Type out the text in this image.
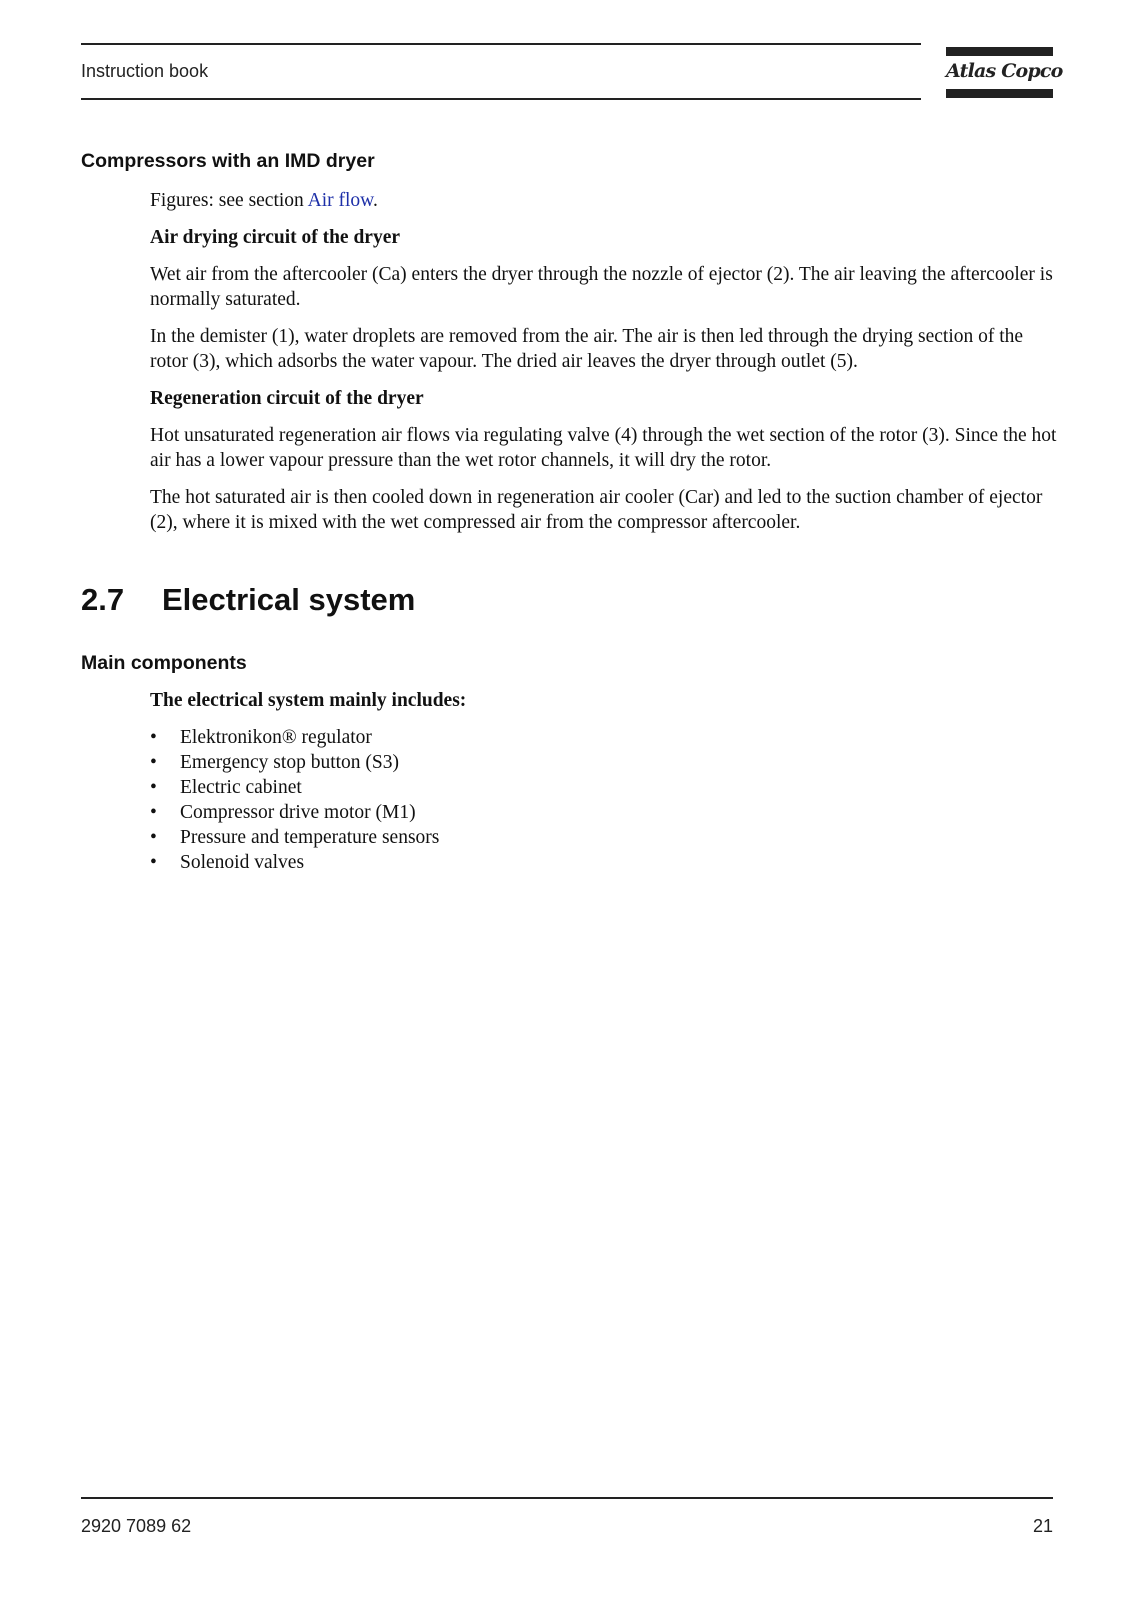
Instruction book	Atlas Copco
Compressors with an IMD dryer

Figures: see section Air flow.

Air drying circuit of the dryer
Wet air from the aftercooler (Ca) enters the dryer through the nozzle of ejector (2). The air leaving the aftercooler is normally saturated.
In the demister (1), water droplets are removed from the air. The air is then led through the drying section of the rotor (3), which adsorbs the water vapour. The dried air leaves the dryer through outlet (5).
Regeneration circuit of the dryer
Hot unsaturated regeneration air flows via regulating valve (4) through the wet section of the rotor (3). Since the hot air has a lower vapour pressure than the wet rotor channels, it will dry the rotor.
The hot saturated air is then cooled down in regeneration air cooler (Car) and led to the suction chamber of ejector (2), where it is mixed with the wet compressed air from the compressor aftercooler.
2.7 Electrical system
Main components
The electrical system mainly includes:
• Elektronikon® regulator
• Emergency stop button (S3)
• Electric cabinet
• Compressor drive motor (M1)
• Pressure and temperature sensors
• Solenoid valves
2920 7089 62	21
